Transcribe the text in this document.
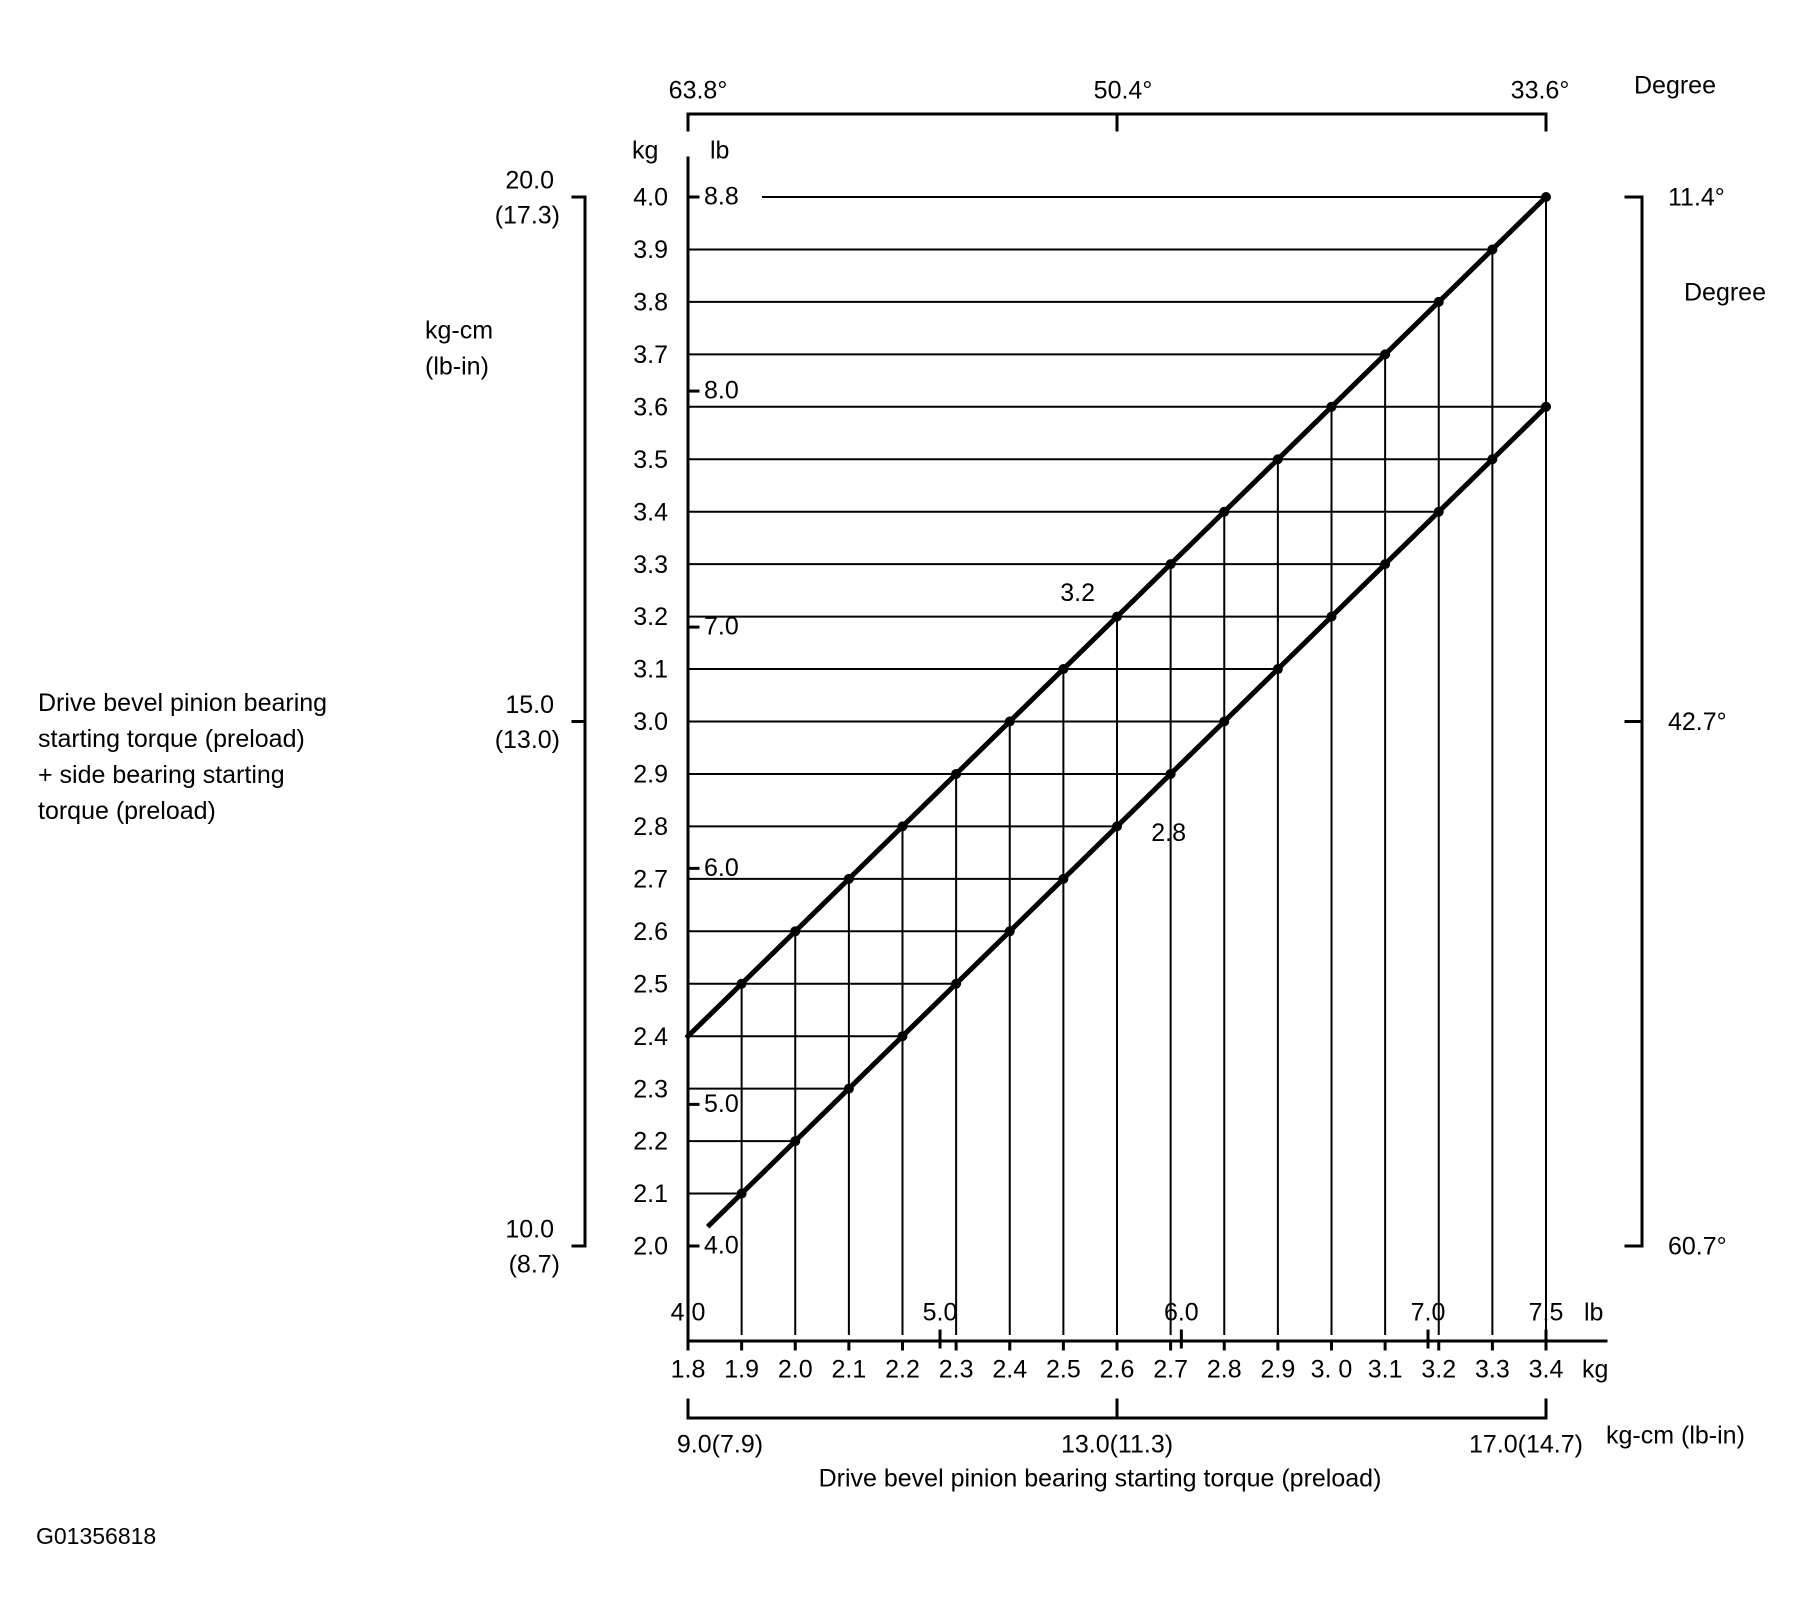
3.2
2.8
2.0
2.1
2.2
2.3
2.4
2.5
2.6
2.7
2.8
2.9
3.0
3.1
3.2
3.3
3.4
3.5
3.6
3.7
3.8
3.9
4.0
kg lb
4.0
5.0
6.0
7.0
8.0
8.8
20.0
(17.3)
15.0
(13.0)
10.0
(8.7)
kg-cm
(lb-in)
63.8°	50.4°	33.6°	Degree
11.4°
42.7°
60.7°
Degree
4.0	5.0	6.0	7.0	7.5 lb
1.8 1.9 2.0 2.1 2.2 2.3 2.4 2.5 2.6 2.7 2.8 2.9 3. 0 3.1 3.2 3.3 3.4 kg
9.0(7.9)	13.0(11.3)	17.0(14.7) kg-cm (lb-in)
Drive bevel pinion bearing starting torque (preload)
Drive bevel pinion bearing
starting torque (preload)
+ side bearing starting
torque (preload)
G01356818
